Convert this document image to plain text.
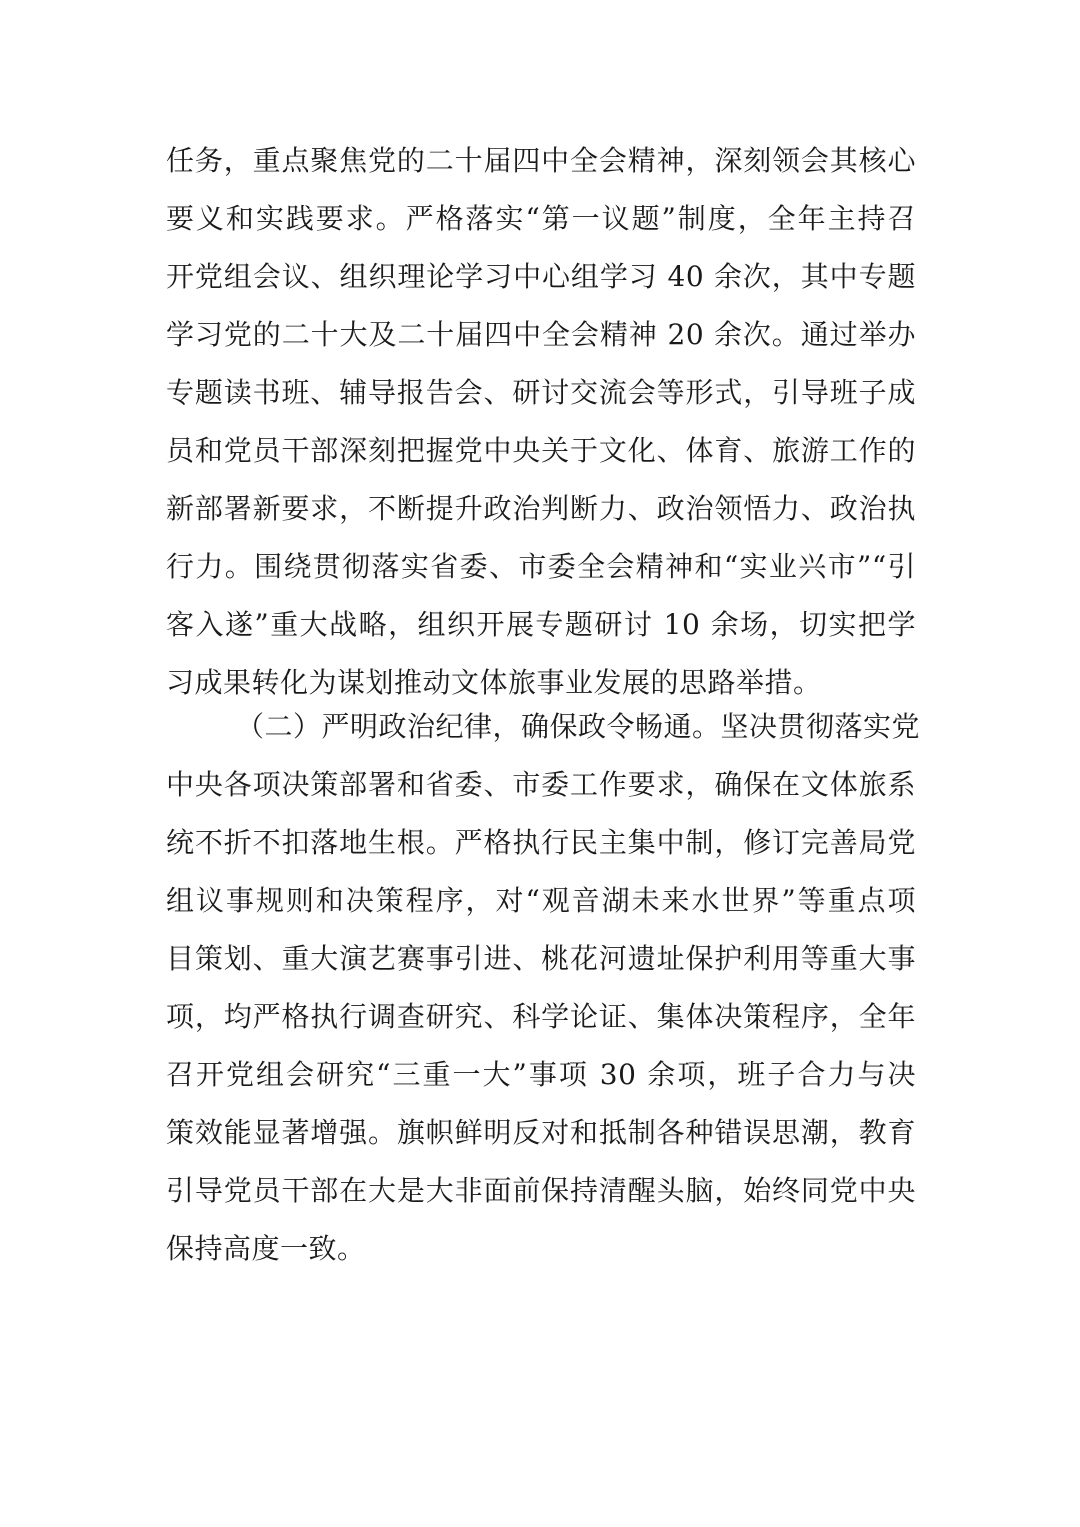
任务，重点聚焦党的二十届四中全会精神，深刻领会其核心
要义和实践要求。严格落实“第一议题”制度，全年主持召
开党组会议、组织理论学习中心组学习 40 余次，其中专题
学习党的二十大及二十届四中全会精神 20 余次。通过举办
专题读书班、辅导报告会、研讨交流会等形式，引导班子成
员和党员干部深刻把握党中央关于文化、体育、旅游工作的
新部署新要求，不断提升政治判断力、政治领悟力、政治执
行力。围绕贯彻落实省委、市委全会精神和“实业兴市”“引
客入遂”重大战略，组织开展专题研讨 10 余场，切实把学
习成果转化为谋划推动文体旅事业发展的思路举措。
（二）严明政治纪律，确保政令畅通。坚决贯彻落实党
中央各项决策部署和省委、市委工作要求，确保在文体旅系
统不折不扣落地生根。严格执行民主集中制，修订完善局党
组议事规则和决策程序，对“观音湖未来水世界”等重点项
目策划、重大演艺赛事引进、桃花河遗址保护利用等重大事
项，均严格执行调查研究、科学论证、集体决策程序，全年
召开党组会研究“三重一大”事项 30 余项，班子合力与决
策效能显著增强。旗帜鲜明反对和抵制各种错误思潮，教育
引导党员干部在大是大非面前保持清醒头脑，始终同党中央
保持高度一致。
